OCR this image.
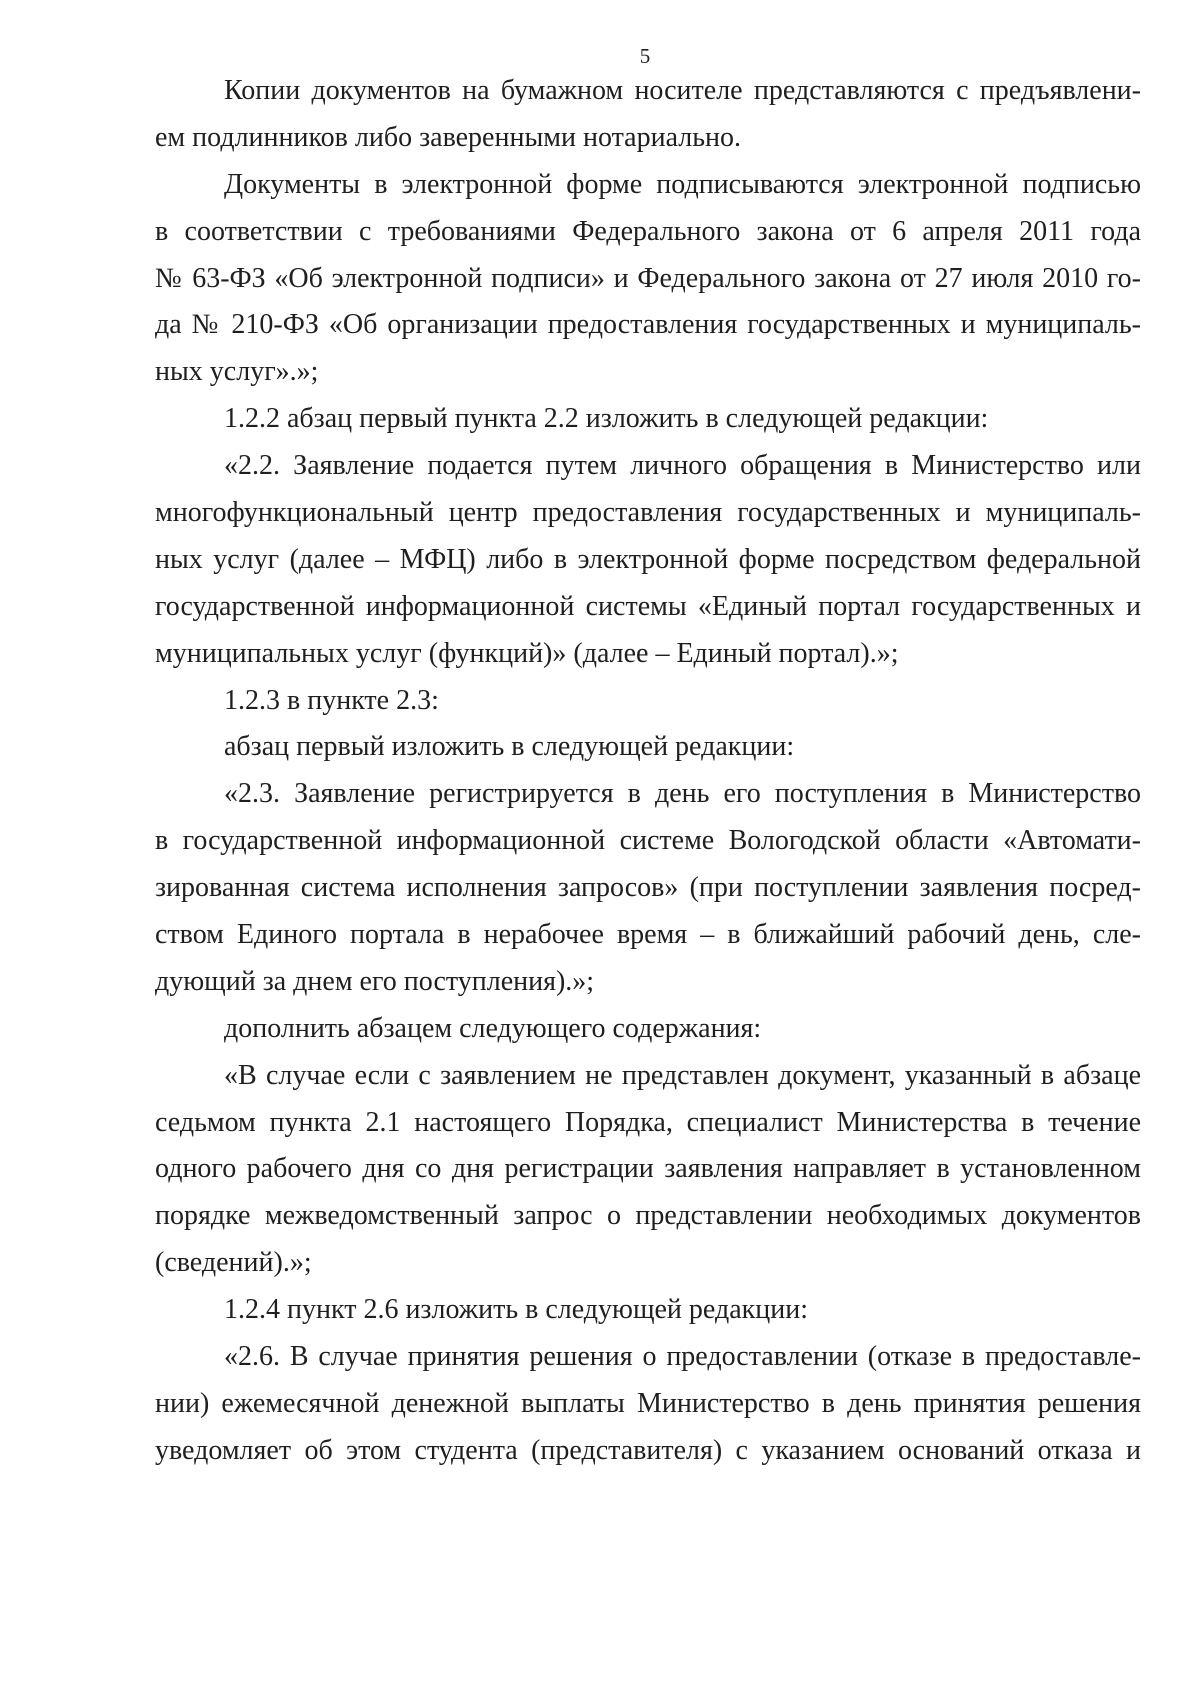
5
Копии документов на бумажном носителе представляются с предъявлени-
ем подлинников либо заверенными нотариально.
Документы в электронной форме подписываются электронной подписью
в соответствии с требованиями Федерального закона от 6 апреля 2011 года
№ 63-ФЗ «Об электронной подписи» и Федерального закона от 27 июля 2010 го-
да № 210-ФЗ «Об организации предоставления государственных и муниципаль-
ных услуг».»;
1.2.2 абзац первый пункта 2.2 изложить в следующей редакции:
«2.2. Заявление подается путем личного обращения в Министерство или
многофункциональный центр предоставления государственных и муниципаль-
ных услуг (далее – МФЦ) либо в электронной форме посредством федеральной
государственной информационной системы «Единый портал государственных и
муниципальных услуг (функций)» (далее – Единый портал).»;
1.2.3 в пункте 2.3:
абзац первый изложить в следующей редакции:
«2.3. Заявление регистрируется в день его поступления в Министерство
в государственной информационной системе Вологодской области «Автомати-
зированная система исполнения запросов» (при поступлении заявления посред-
ством Единого портала в нерабочее время – в ближайший рабочий день, сле-
дующий за днем его поступления).»;
дополнить абзацем следующего содержания:
«В случае если с заявлением не представлен документ, указанный в абзаце
седьмом пункта 2.1 настоящего Порядка, специалист Министерства в течение
одного рабочего дня со дня регистрации заявления направляет в установленном
порядке межведомственный запрос о представлении необходимых документов
(сведений).»;
1.2.4 пункт 2.6 изложить в следующей редакции:
«2.6. В случае принятия решения о предоставлении (отказе в предоставле-
нии) ежемесячной денежной выплаты Министерство в день принятия решения
уведомляет об этом студента (представителя) с указанием оснований отказа и
